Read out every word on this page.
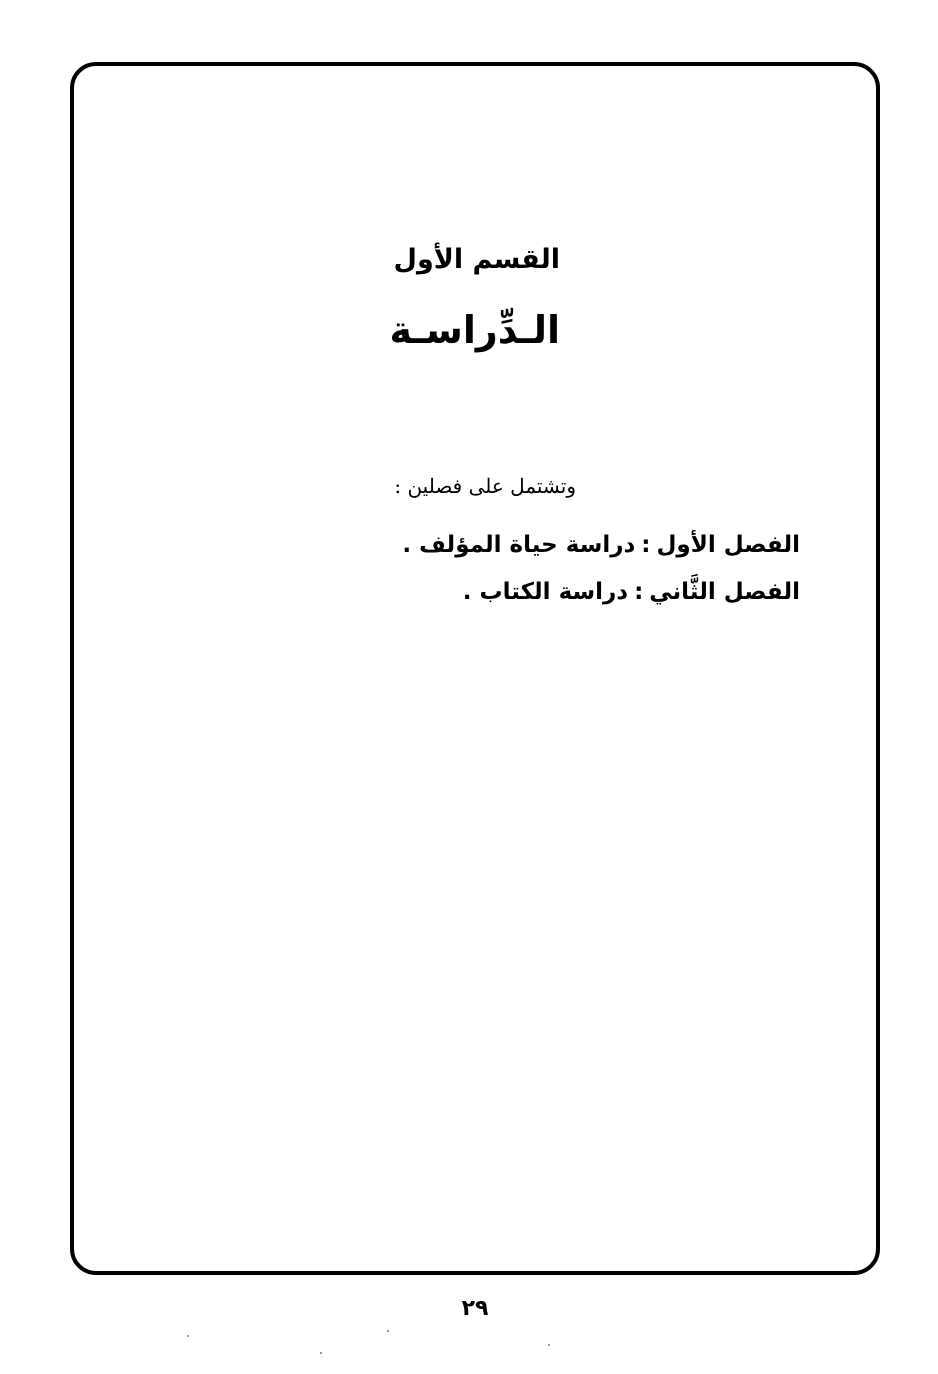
القسم الأول
الـدِّراسـة
وتشتمل على فصلين :
الفصل الأول:دراسة حياة المؤلف .
الفصل الثَّاني:دراسة الكتاب .
٢٩
